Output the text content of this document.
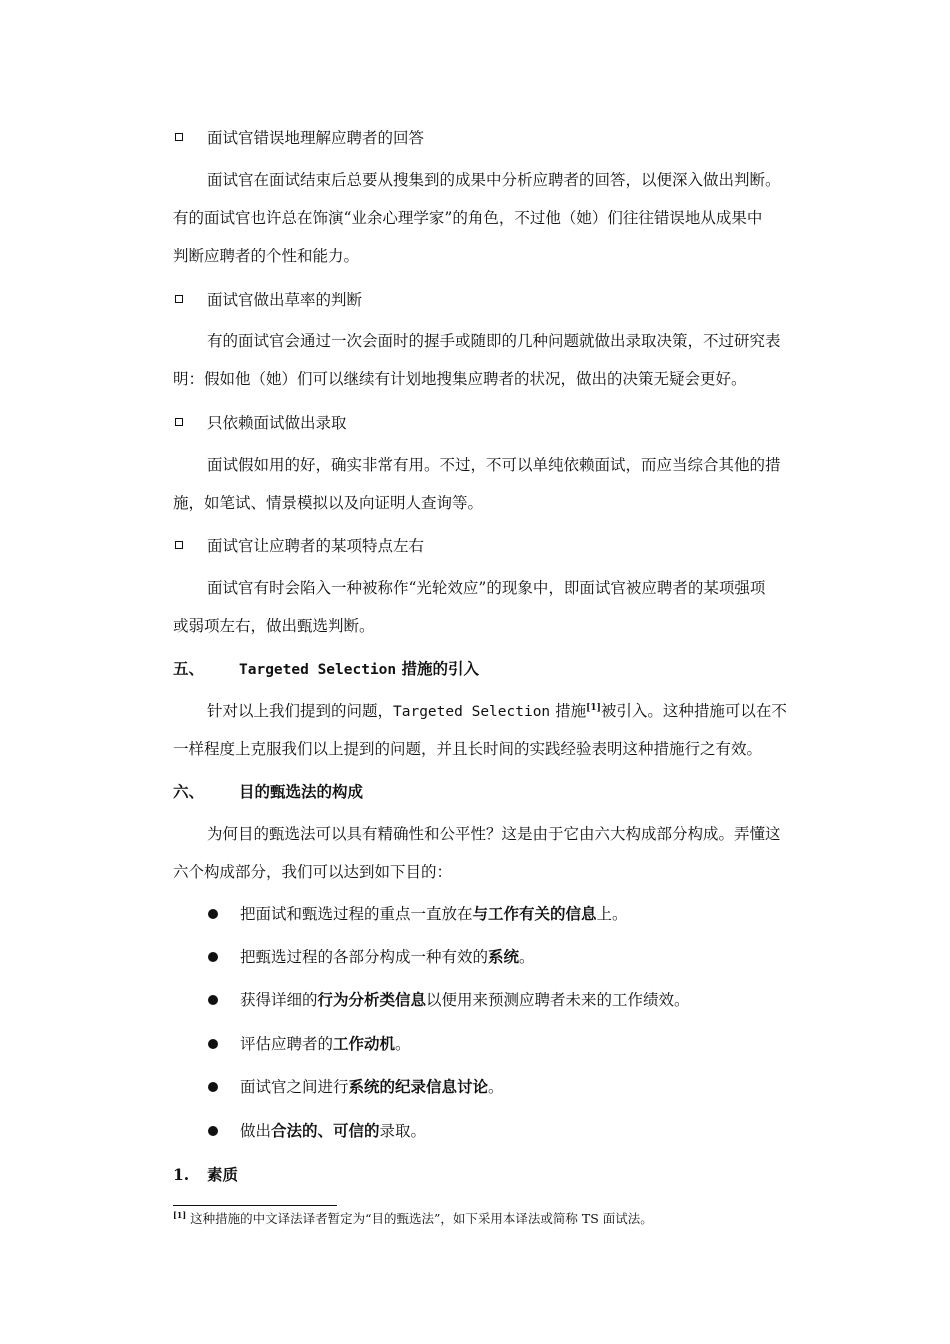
面试官错误地理解应聘者的回答
面试官在面试结束后总要从搜集到的成果中分析应聘者的回答，以便深入做出判断。
有的面试官也许总在饰演“业余心理学家”的角色，不过他（她）们往往错误地从成果中
判断应聘者的个性和能力。
面试官做出草率的判断
有的面试官会通过一次会面时的握手或随即的几种问题就做出录取决策，不过研究表
明：假如他（她）们可以继续有计划地搜集应聘者的状况，做出的决策无疑会更好。
只依赖面试做出录取
面试假如用的好，确实非常有用。不过，不可以单纯依赖面试，而应当综合其他的措
施，如笔试、情景模拟以及向证明人查询等。
面试官让应聘者的某项特点左右
面试官有时会陷入一种被称作“光轮效应”的现象中，即面试官被应聘者的某项强项
或弱项左右，做出甄选判断。
五、 Targeted Selection 措施的引入
针对以上我们提到的问题，Targeted Selection 措施[1]被引入。这种措施可以在不
一样程度上克服我们以上提到的问题，并且长时间的实践经验表明这种措施行之有效。
六、 目的甄选法的构成
为何目的甄选法可以具有精确性和公平性？这是由于它由六大构成部分构成。弄懂这
六个构成部分，我们可以达到如下目的：
把面试和甄选过程的重点一直放在与工作有关的信息上。
把甄选过程的各部分构成一种有效的系统。
获得详细的行为分析类信息以便用来预测应聘者未来的工作绩效。
评估应聘者的工作动机。
面试官之间进行系统的纪录信息讨论。
做出合法的、可信的录取。
1. 素质
[1] 这种措施的中文译法译者暂定为“目的甄选法”，如下采用本译法或简称 TS 面试法。
